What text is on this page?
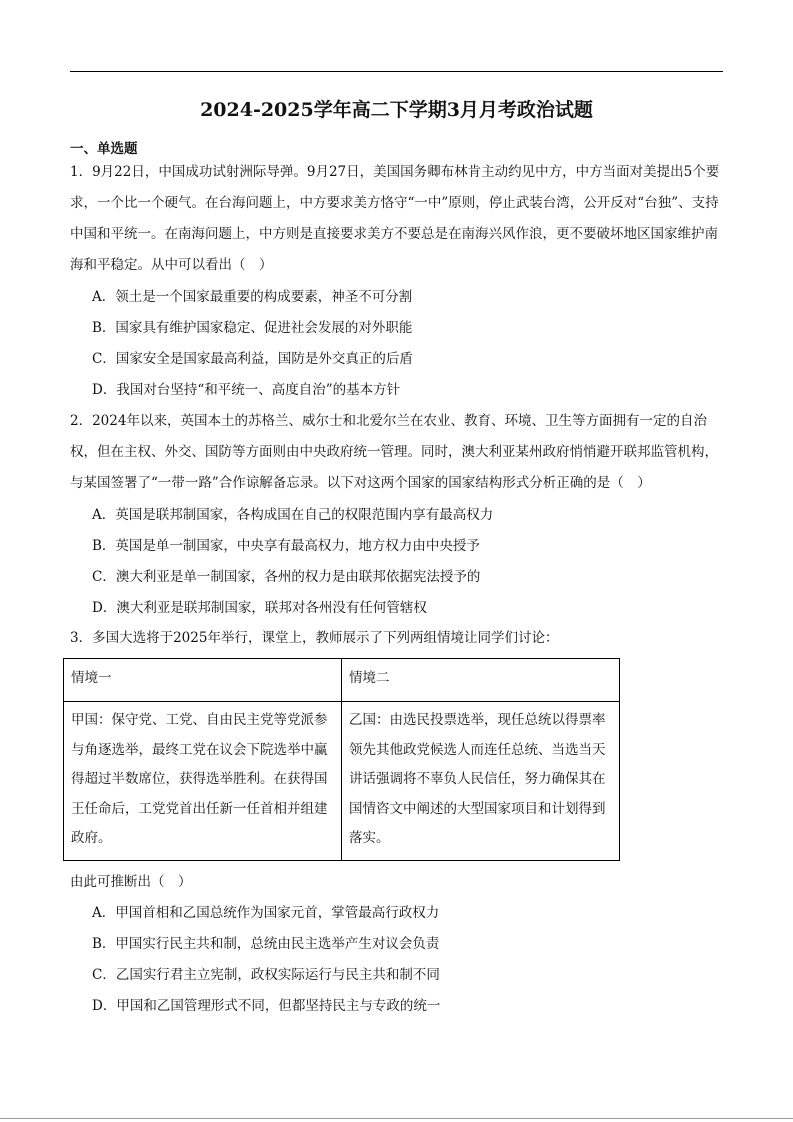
2024-2025学年高二下学期3月月考政治试题
一、单选题
1．9月22日，中国成功试射洲际导弹。9月27日，美国国务卿布林肯主动约见中方，中方当面对美提出5个要求，一个比一个硬气。在台海问题上，中方要求美方恪守“一中”原则，停止武装台湾，公开反对“台独”、支持中国和平统一。在南海问题上，中方则是直接要求美方不要总是在南海兴风作浪，更不要破坏地区国家维护南海和平稳定。从中可以看出（　）
A．领土是一个国家最重要的构成要素，神圣不可分割
B．国家具有维护国家稳定、促进社会发展的对外职能
C．国家安全是国家最高利益，国防是外交真正的后盾
D．我国对台坚持“和平统一、高度自治”的基本方针
2．2024年以来，英国本土的苏格兰、威尔士和北爱尔兰在农业、教育、环境、卫生等方面拥有一定的自治权，但在主权、外交、国防等方面则由中央政府统一管理。同时，澳大利亚某州政府悄悄避开联邦监管机构，与某国签署了“一带一路”合作谅解备忘录。以下对这两个国家的国家结构形式分析正确的是（　）
A．英国是联邦制国家，各构成国在自己的权限范围内享有最高权力
B．英国是单一制国家，中央享有最高权力，地方权力由中央授予
C．澳大利亚是单一制国家，各州的权力是由联邦依据宪法授予的
D．澳大利亚是联邦制国家，联邦对各州没有任何管辖权
3．多国大选将于2025年举行，课堂上，教师展示了下列两组情境让同学们讨论：
情境一	情境二
甲国：保守党、工党、自由民主党等党派参与角逐选举，最终工党在议会下院选举中赢得超过半数席位，获得选举胜利。在获得国王任命后，工党党首出任新一任首相并组建政府。	乙国：由选民投票选举，现任总统以得票率领先其他政党候选人而连任总统、当选当天讲话强调将不辜负人民信任，努力确保其在国情咨文中阐述的大型国家项目和计划得到落实。
由此可推断出（　）
A．甲国首相和乙国总统作为国家元首，掌管最高行政权力
B．甲国实行民主共和制，总统由民主选举产生对议会负责
C．乙国实行君主立宪制，政权实际运行与民主共和制不同
D．甲国和乙国管理形式不同，但都坚持民主与专政的统一
